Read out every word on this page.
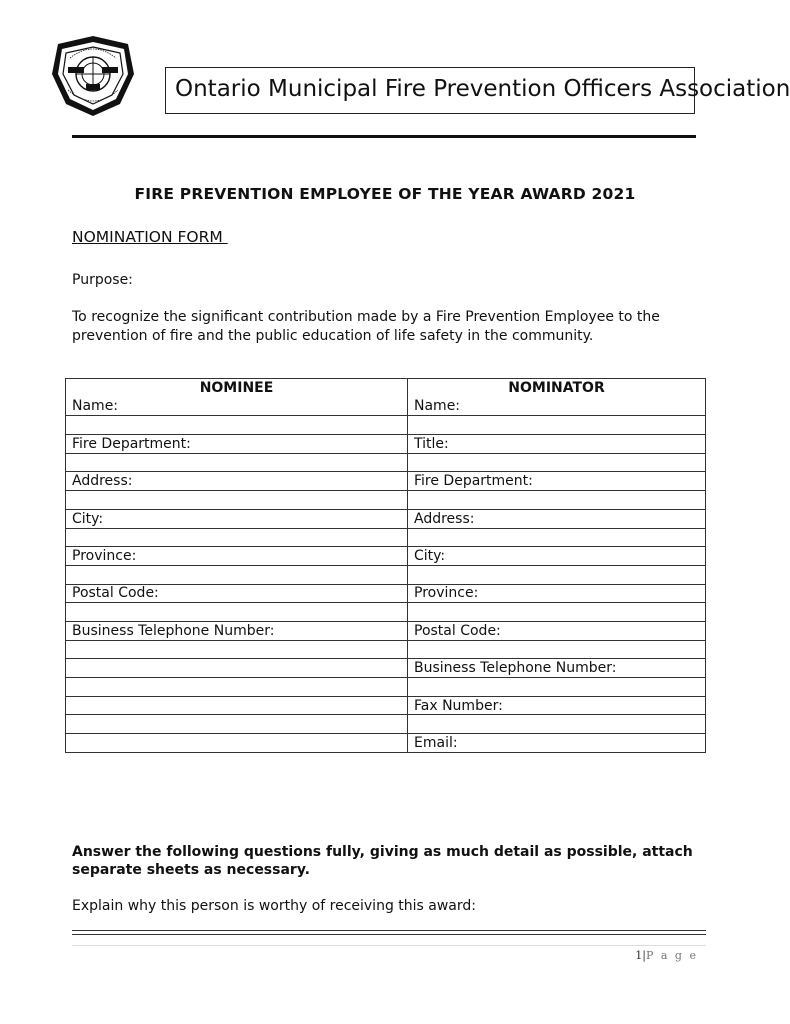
Ontario Municipal Fire Prevention Officers Association
FIRE PREVENTION EMPLOYEE OF THE YEAR AWARD 2021
NOMINATION FORM
Purpose:
To recognize the significant contribution made by a Fire Prevention Employee to the prevention of fire and the public education of life safety in the community.
NOMINEE	NOMINATOR
Name:	Name:

Fire Department:	Title:

Address:	Fire Department:

City:	Address:

Province:	City:

Postal Code:	Province:

Business Telephone Number:	Postal Code:

	Business Telephone Number:

	Fax Number:

	Email:
Answer the following questions fully, giving as much detail as possible, attach separate sheets as necessary.
Explain why this person is worthy of receiving this award:
1|P a g e
